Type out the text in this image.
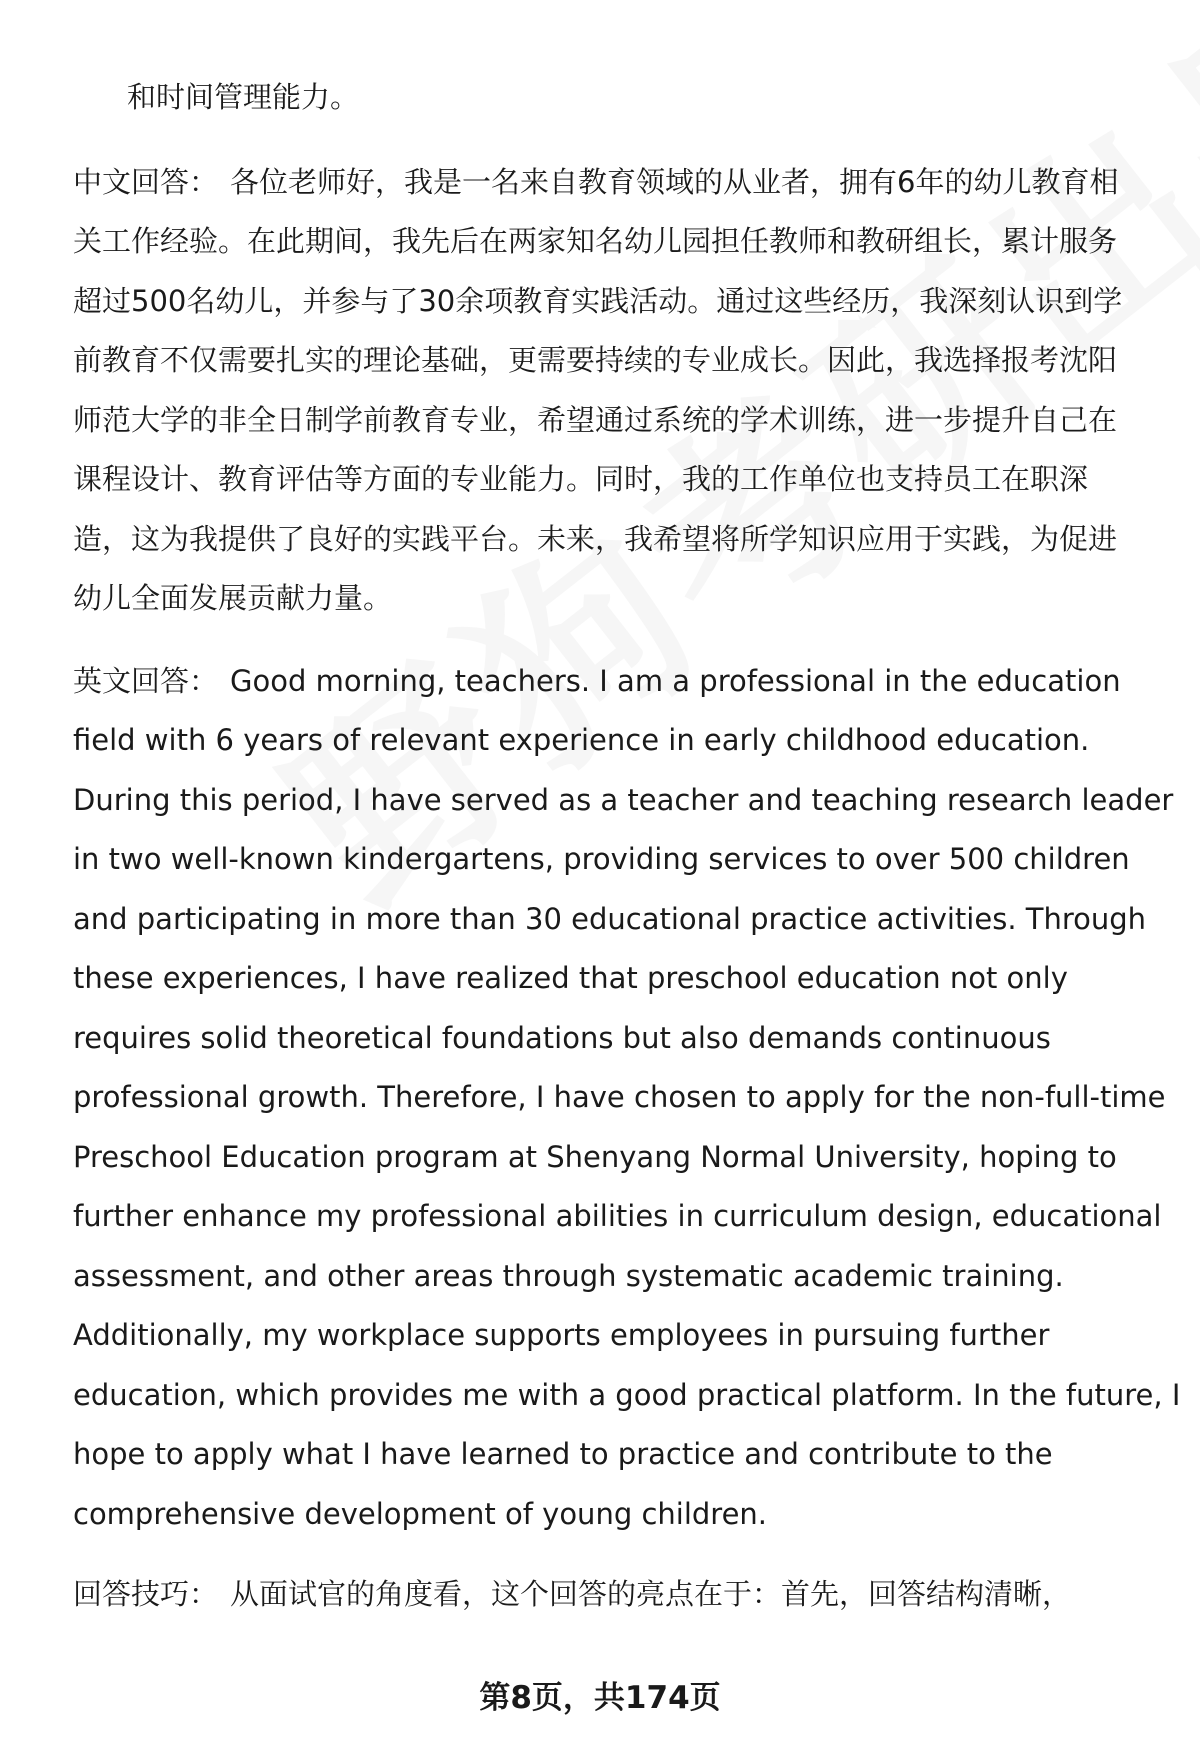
和时间管理能力。
中文回答： 各位老师好，我是一名来自教育领域的从业者，拥有6年的幼儿教育相
关工作经验。在此期间，我先后在两家知名幼儿园担任教师和教研组长，累计服务
超过500名幼儿，并参与了30余项教育实践活动。通过这些经历，我深刻认识到学
前教育不仅需要扎实的理论基础，更需要持续的专业成长。因此，我选择报考沈阳
师范大学的非全日制学前教育专业，希望通过系统的学术训练，进一步提升自己在
课程设计、教育评估等方面的专业能力。同时，我的工作单位也支持员工在职深
造，这为我提供了良好的实践平台。未来，我希望将所学知识应用于实践，为促进
幼儿全面发展贡献力量。
英文回答： Good morning, teachers. I am a professional in the education
field with 6 years of relevant experience in early childhood education.
During this period, I have served as a teacher and teaching research leader
in two well-known kindergartens, providing services to over 500 children
and participating in more than 30 educational practice activities. Through
these experiences, I have realized that preschool education not only
requires solid theoretical foundations but also demands continuous
professional growth. Therefore, I have chosen to apply for the non-full-time
Preschool Education program at Shenyang Normal University, hoping to
further enhance my professional abilities in curriculum design, educational
assessment, and other areas through systematic academic training.
Additionally, my workplace supports employees in pursuing further
education, which provides me with a good practical platform. In the future, I
hope to apply what I have learned to practice and contribute to the
comprehensive development of young children.
回答技巧： 从面试官的角度看，这个回答的亮点在于：首先，回答结构清晰，
第8页，共174页
